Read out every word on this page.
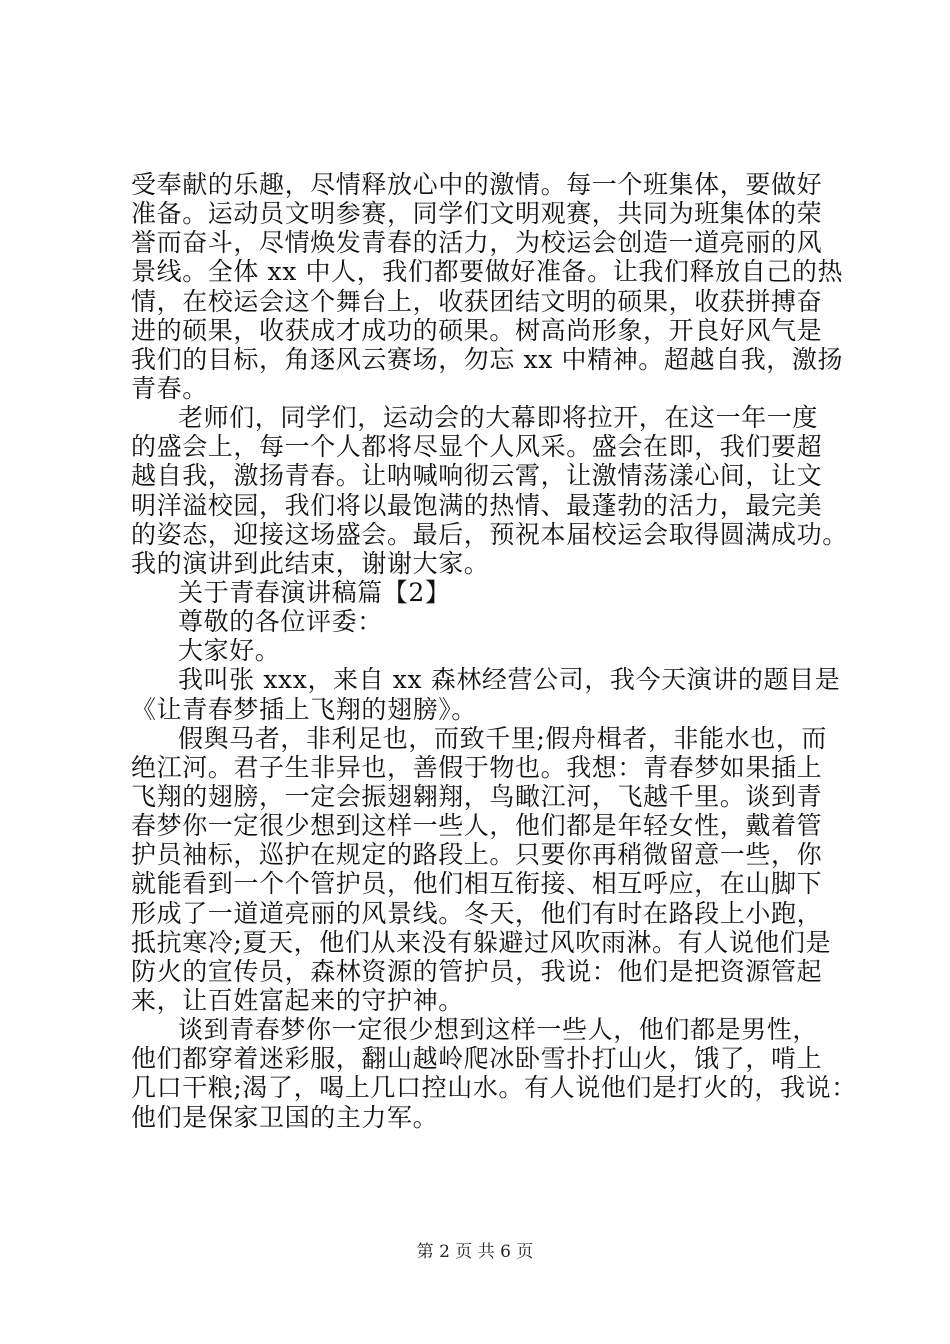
受奉献的乐趣，尽情释放心中的激情。每一个班集体，要做好
准备。运动员文明参赛，同学们文明观赛，共同为班集体的荣
誉而奋斗，尽情焕发青春的活力，为校运会创造一道亮丽的风
景线。全体 xx 中人，我们都要做好准备。让我们释放自己的热
情，在校运会这个舞台上，收获团结文明的硕果，收获拼搏奋
进的硕果，收获成才成功的硕果。树高尚形象，开良好风气是
我们的目标，角逐风云赛场，勿忘 xx 中精神。超越自我，激扬
青春。
老师们，同学们，运动会的大幕即将拉开，在这一年一度
的盛会上，每一个人都将尽显个人风采。盛会在即，我们要超
越自我，激扬青春。让呐喊响彻云霄，让激情荡漾心间，让文
明洋溢校园，我们将以最饱满的热情、最蓬勃的活力，最完美
的姿态，迎接这场盛会。最后，预祝本届校运会取得圆满成功。
我的演讲到此结束，谢谢大家。
关于青春演讲稿篇【2】
尊敬的各位评委：
大家好。
我叫张 xxx，来自 xx 森林经营公司，我今天演讲的题目是
《让青春梦插上飞翔的翅膀》。
假舆马者，非利足也，而致千里;假舟楫者，非能水也，而
绝江河。君子生非异也，善假于物也。我想：青春梦如果插上
飞翔的翅膀，一定会振翅翱翔，鸟瞰江河，飞越千里。谈到青
春梦你一定很少想到这样一些人，他们都是年轻女性，戴着管
护员袖标，巡护在规定的路段上。只要你再稍微留意一些，你
就能看到一个个管护员，他们相互衔接、相互呼应，在山脚下
形成了一道道亮丽的风景线。冬天，他们有时在路段上小跑，
抵抗寒冷;夏天，他们从来没有躲避过风吹雨淋。有人说他们是
防火的宣传员，森林资源的管护员，我说：他们是把资源管起
来，让百姓富起来的守护神。
谈到青春梦你一定很少想到这样一些人，他们都是男性，
他们都穿着迷彩服，翻山越岭爬冰卧雪扑打山火，饿了，啃上
几口干粮;渴了，喝上几口控山水。有人说他们是打火的，我说：
他们是保家卫国的主力军。
第 2 页 共 6 页
